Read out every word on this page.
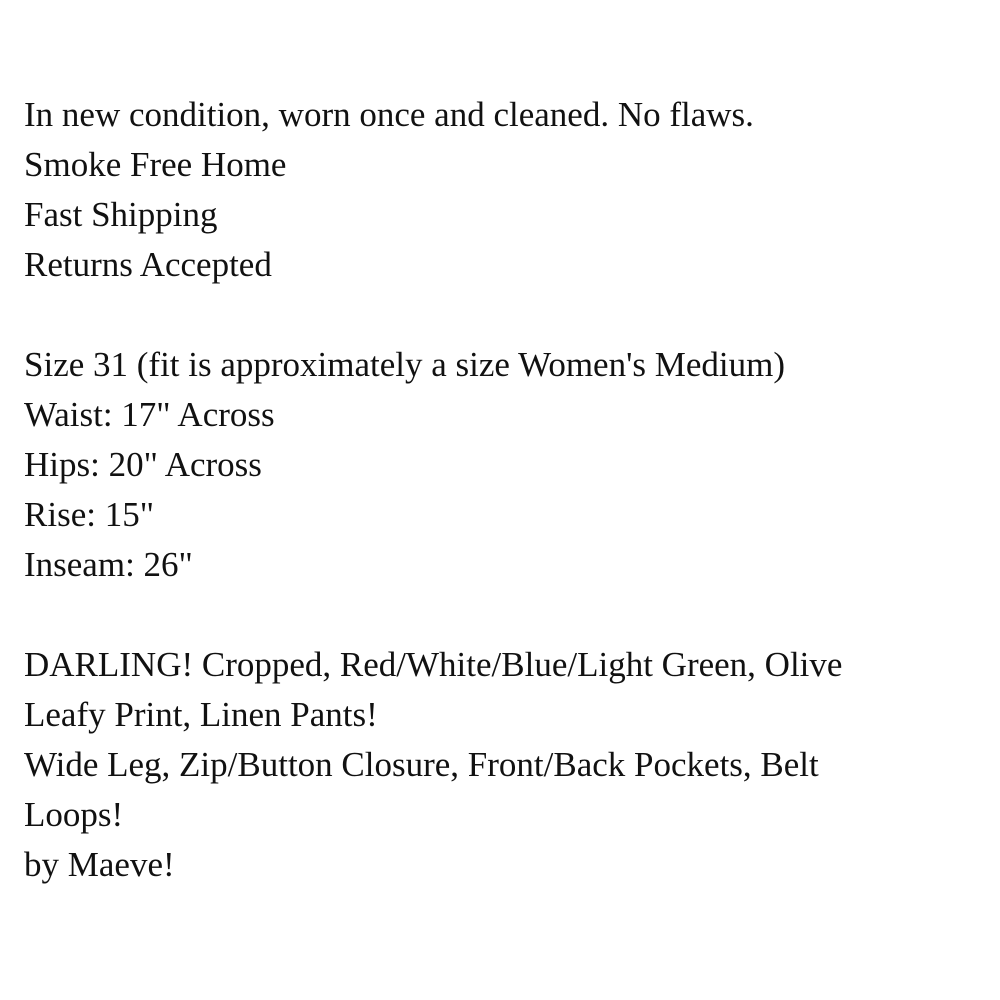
In new condition, worn once and cleaned. No flaws.
Smoke Free Home
Fast Shipping
Returns Accepted
Size 31 (fit is approximately a size Women's Medium)
Waist: 17" Across
Hips: 20" Across
Rise: 15"
Inseam: 26"
DARLING! Cropped, Red/White/Blue/Light Green, Olive
Leafy Print, Linen Pants!
Wide Leg, Zip/Button Closure, Front/Back Pockets, Belt
Loops!
by Maeve!
